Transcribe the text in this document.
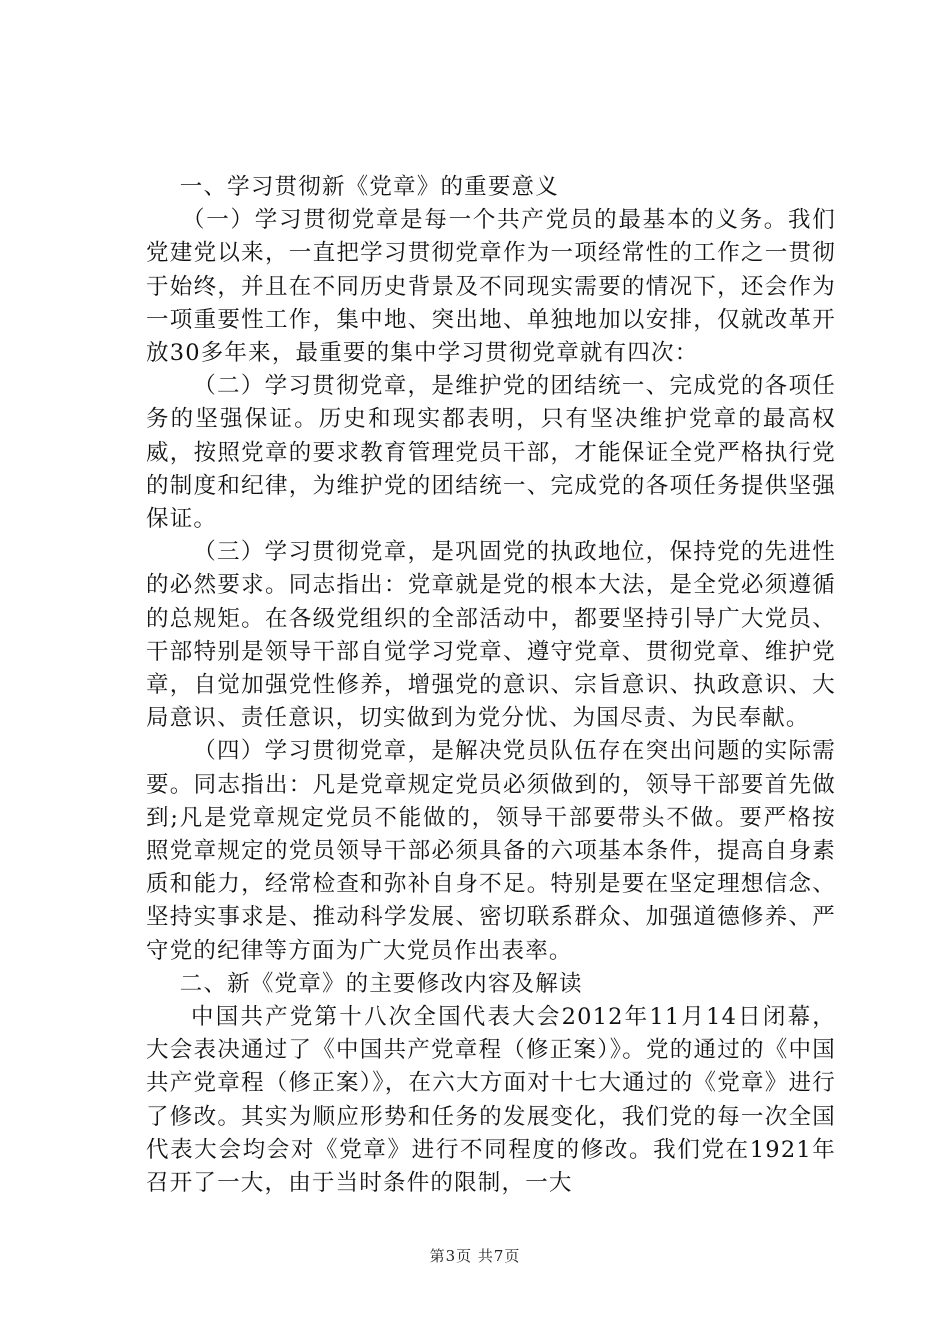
一、学习贯彻新《党章》的重要意义

（一）学习贯彻党章是每一个共产党员的最基本的义务。我们党建党以来，一直把学习贯彻党章作为一项经常性的工作之一贯彻于始终，并且在不同历史背景及不同现实需要的情况下，还会作为一项重要性工作，集中地、突出地、单独地加以安排，仅就改革开放30多年来，最重要的集中学习贯彻党章就有四次：

（二）学习贯彻党章，是维护党的团结统一、完成党的各项任务的坚强保证。历史和现实都表明，只有坚决维护党章的最高权威，按照党章的要求教育管理党员干部，才能保证全党严格执行党的制度和纪律，为维护党的团结统一、完成党的各项任务提供坚强保证。

（三）学习贯彻党章，是巩固党的执政地位，保持党的先进性的必然要求。同志指出：党章就是党的根本大法，是全党必须遵循的总规矩。在各级党组织的全部活动中，都要坚持引导广大党员、干部特别是领导干部自觉学习党章、遵守党章、贯彻党章、维护党章，自觉加强党性修养，增强党的意识、宗旨意识、执政意识、大局意识、责任意识，切实做到为党分忧、为国尽责、为民奉献。

（四）学习贯彻党章，是解决党员队伍存在突出问题的实际需要。同志指出：凡是党章规定党员必须做到的，领导干部要首先做到;凡是党章规定党员不能做的，领导干部要带头不做。要严格按照党章规定的党员领导干部必须具备的六项基本条件，提高自身素质和能力，经常检查和弥补自身不足。特别是要在坚定理想信念、坚持实事求是、推动科学发展、密切联系群众、加强道德修养、严守党的纪律等方面为广大党员作出表率。

二、新《党章》的主要修改内容及解读

中国共产党第十八次全国代表大会2012年11月14日闭幕，大会表决通过了《中国共产党章程（修正案）》。党的通过的《中国共产党章程（修正案）》，在六大方面对十七大通过的《党章》进行了修改。其实为顺应形势和任务的发展变化，我们党的每一次全国代表大会均会对《党章》进行不同程度的修改。我们党在1921年召开了一大，由于当时条件的限制，一大

第3页 共7页
